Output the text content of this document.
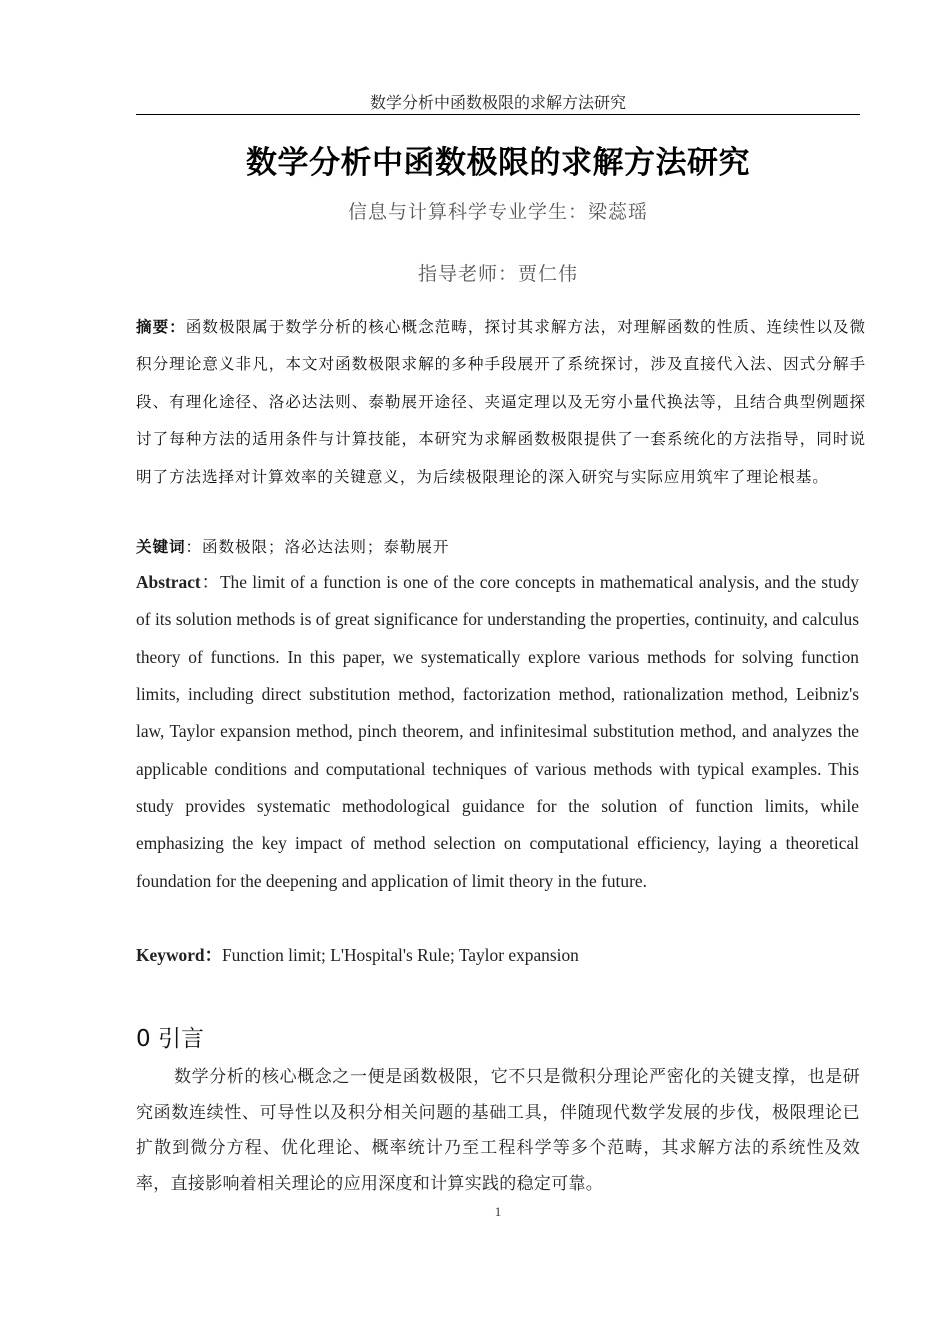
数学分析中函数极限的求解方法研究
数学分析中函数极限的求解方法研究
信息与计算科学专业学生：梁蕊瑶
指导老师：贾仁伟
摘要：函数极限属于数学分析的核心概念范畴，探讨其求解方法，对理解函数的性质、连续性以及微积分理论意义非凡，本文对函数极限求解的多种手段展开了系统探讨，涉及直接代入法、因式分解手段、有理化途径、洛必达法则、泰勒展开途径、夹逼定理以及无穷小量代换法等，且结合典型例题探讨了每种方法的适用条件与计算技能，本研究为求解函数极限提供了一套系统化的方法指导，同时说明了方法选择对计算效率的关键意义，为后续极限理论的深入研究与实际应用筑牢了理论根基。
关键词：函数极限；洛必达法则；泰勒展开
Abstract：The limit of a function is one of the core concepts in mathematical analysis, and the study of its solution methods is of great significance for understanding the properties, continuity, and calculus theory of functions. In this paper, we systematically explore various methods for solving function limits, including direct substitution method, factorization method, rationalization method, Leibniz's law, Taylor expansion method, pinch theorem, and infinitesimal substitution method, and analyzes the applicable conditions and computational techniques of various methods with typical examples. This study provides systematic methodological guidance for the solution of function limits, while emphasizing the key impact of method selection on computational efficiency, laying a theoretical foundation for the deepening and application of limit theory in the future.
Keyword：Function limit; L'Hospital's Rule; Taylor expansion
0 引言
数学分析的核心概念之一便是函数极限，它不只是微积分理论严密化的关键支撑，也是研究函数连续性、可导性以及积分相关问题的基础工具，伴随现代数学发展的步伐，极限理论已扩散到微分方程、优化理论、概率统计乃至工程科学等多个范畴，其求解方法的系统性及效率，直接影响着相关理论的应用深度和计算实践的稳定可靠。
1
